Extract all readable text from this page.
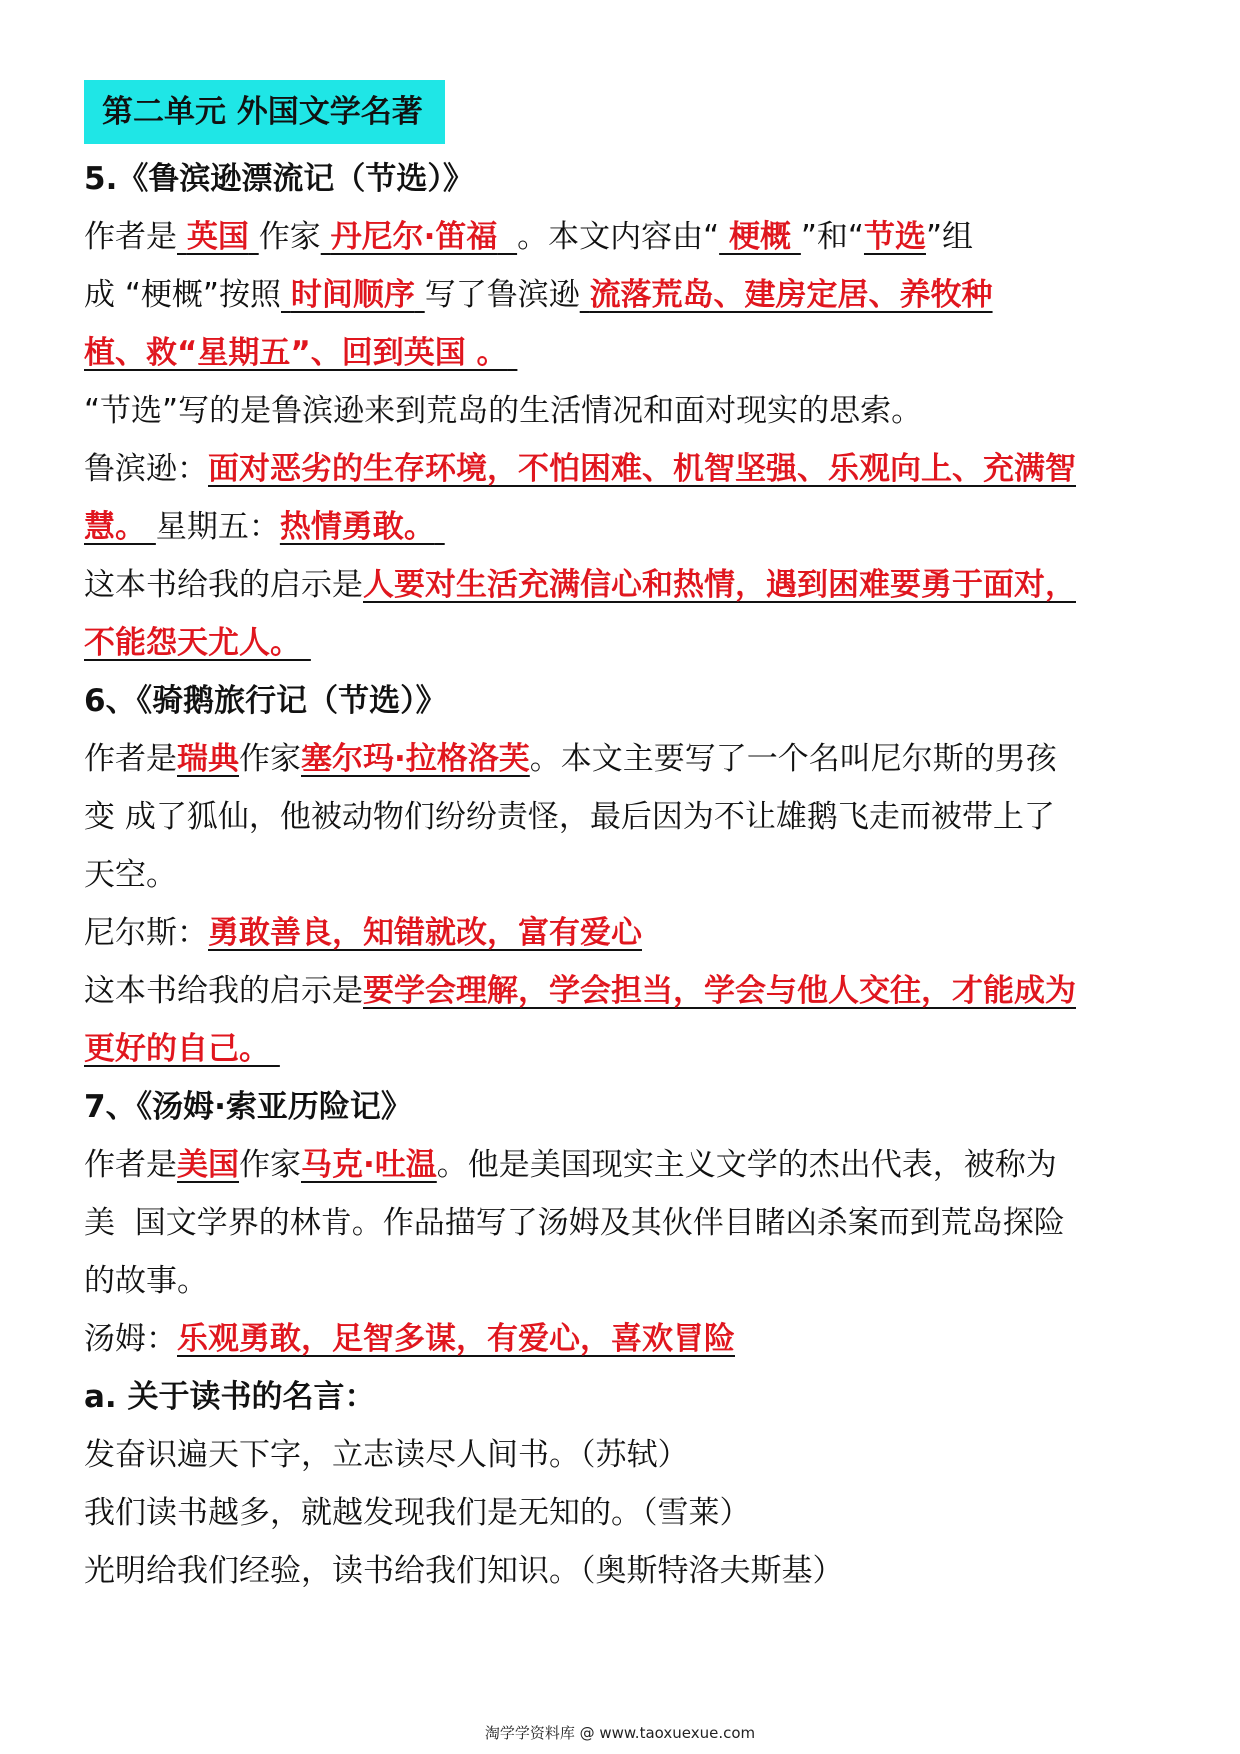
第二单元 外国文学名著
5.《鲁滨逊漂流记（节选）》
作者是 英国 作家 丹尼尔·笛福 。本文内容由“ 梗概 ”和“节选”组
成 “梗概”按照 时间顺序 写了鲁滨逊 流落荒岛、建房定居、养牧种
植、救“星期五”、回到英国 。
“节选”写的是鲁滨逊来到荒岛的生活情况和面对现实的思索。
鲁滨逊：面对恶劣的生存环境，不怕困难、机智坚强、乐观向上、充满智
慧。 星期五：热情勇敢。
这本书给我的启示是人要对生活充满信心和热情，遇到困难要勇于面对，
不能怨天尤人。
6、《骑鹅旅行记（节选）》
作者是瑞典作家塞尔玛·拉格洛芙。本文主要写了一个名叫尼尔斯的男孩
变 成了狐仙，他被动物们纷纷责怪，最后因为不让雄鹅飞走而被带上了
天空。
尼尔斯：勇敢善良，知错就改，富有爱心
这本书给我的启示是要学会理解，学会担当，学会与他人交往，才能成为
更好的自己。
7、《汤姆·索亚历险记》
作者是美国作家马克·吐温。他是美国现实主义文学的杰出代表，被称为
美  国文学界的林肯。作品描写了汤姆及其伙伴目睹凶杀案而到荒岛探险
的故事。
汤姆：乐观勇敢，足智多谋，有爱心，喜欢冒险
a. 关于读书的名言：
发奋识遍天下字，立志读尽人间书。（苏轼）
我们读书越多，就越发现我们是无知的。（雪莱）
光明给我们经验，读书给我们知识。（奥斯特洛夫斯基）
淘学学资料库 @ www.taoxuexue.com
